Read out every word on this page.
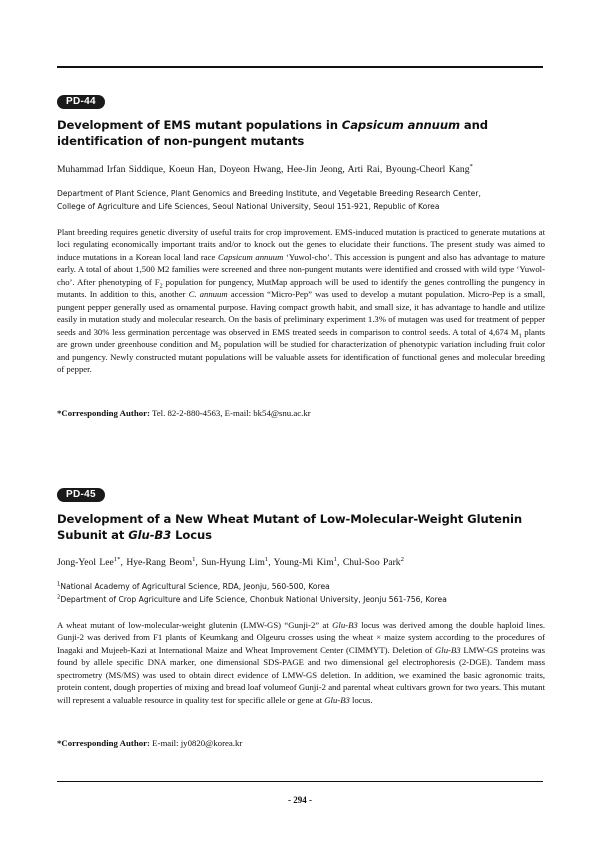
PD-44
Development of EMS mutant populations in Capsicum annuum and identification of non-pungent mutants
Muhammad Irfan Siddique, Koeun Han, Doyeon Hwang, Hee-Jin Jeong, Arti Rai, Byoung-Cheorl Kang*
Department of Plant Science, Plant Genomics and Breeding Institute, and Vegetable Breeding Research Center,
College of Agriculture and Life Sciences, Seoul National University, Seoul 151-921, Republic of Korea
Plant breeding requires genetic diversity of useful traits for crop improvement. EMS-induced mutation is practiced to generate mutations at loci regulating economically important traits and/or to knock out the genes to elucidate their functions. The present study was aimed to induce mutations in a Korean local land race Capsicum annuum ‘Yuwol-cho’. This accession is pungent and also has advantage to mature early. A total of about 1,500 M2 families were screened and three non-pungent mutants were identified and crossed with wild type ‘Yuwol-cho’. After phenotyping of $F_2$ population for pungency, MutMap approach will be used to identify the genes controlling the pungency in mutants. In addition to this, another C. annuum accession “Micro-Pep” was used to develop a mutant population. Micro-Pep is a small, pungent pepper generally used as ornamental purpose. Having compact growth habit, and small size, it has advantage to handle and utilize easily in mutation study and molecular research. On the basis of preliminary experiment 1.3% of mutagen was used for treatment of pepper seeds and 30% less germination percentage was observed in EMS treated seeds in comparison to control seeds. A total of 4,674 $M_1$ plants are grown under greenhouse condition and $M_2$ population will be studied for characterization of phenotypic variation including fruit color and pungency. Newly constructed mutant populations will be valuable assets for identification of functional genes and molecular breeding of pepper.
*Corresponding Author: Tel. 82-2-880-4563, E-mail: bk54@snu.ac.kr
PD-45
Development of a New Wheat Mutant of Low-Molecular-Weight Glutenin Subunit at Glu-B3 Locus
Jong-Yeol Lee$^{1*}$, Hye-Rang Beom$^1$, Sun-Hyung Lim$^1$, Young-Mi Kim$^1$, Chul-Soo Park$^2$
$^1$National Academy of Agricultural Science, RDA, Jeonju, 560-500, Korea
$^2$Department of Crop Agriculture and Life Science, Chonbuk National University, Jeonju 561-756, Korea
A wheat mutant of low-molecular-weight glutenin (LMW-GS) “Gunji-2” at Glu-B3 locus was derived among the double haploid lines. Gunji-2 was derived from F1 plants of Keumkang and Olgeuru crosses using the wheat × maize system according to the procedures of Inagaki and Mujeeb-Kazi at International Maize and Wheat Improvement Center (CIMMYT). Deletion of Glu-B3 LMW-GS proteins was found by allele specific DNA marker, one dimensional SDS-PAGE and two dimensional gel electrophoresis (2-DGE). Tandem mass spectrometry (MS/MS) was used to obtain direct evidence of LMW-GS deletion. In addition, we examined the basic agronomic traits, protein content, dough properties of mixing and bread loaf volumeof Gunji-2 and parental wheat cultivars grown for two years. This mutant will represent a valuable resource in quality test for specific allele or gene at Glu-B3 locus.
*Corresponding Author: E-mail: jy0820@korea.kr
- 294 -
